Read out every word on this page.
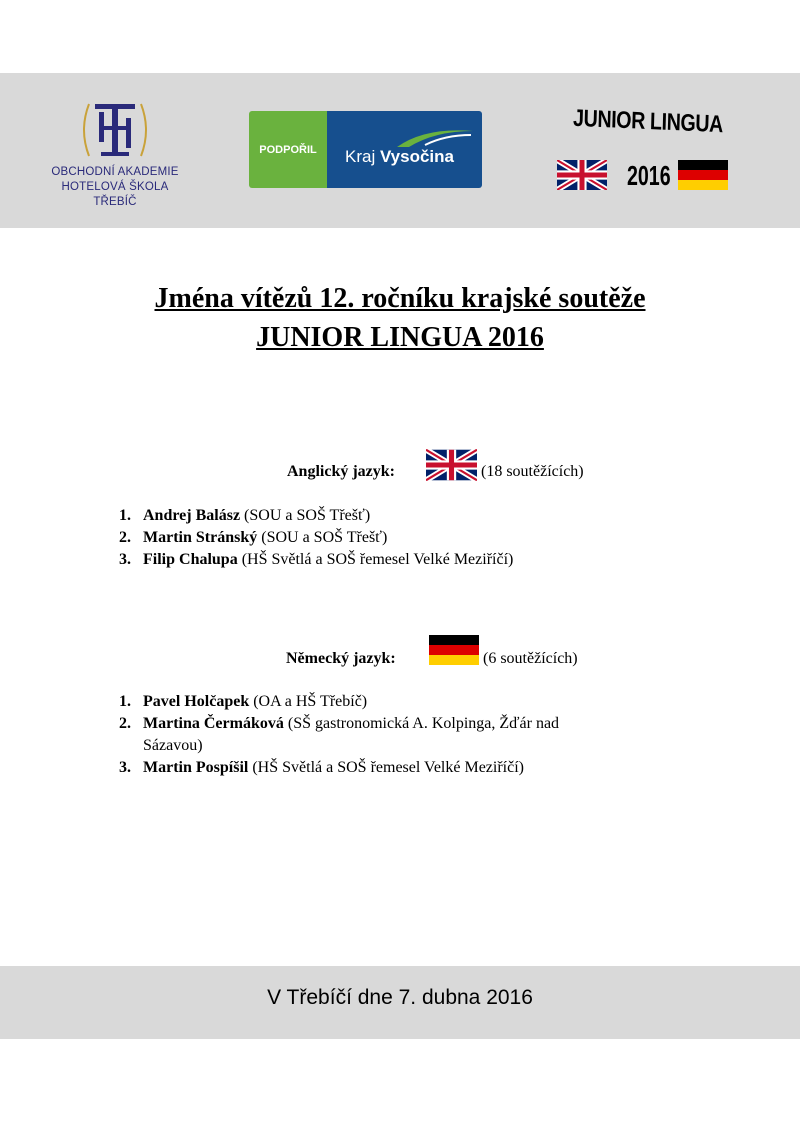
OBCHODNÍ AKADEMIE
HOTELOVÁ ŠKOLA
TŘEBÍČ
PODPOŘIL	Kraj Vysočina
JUNIOR LINGUA
2016
Jména vítězů 12. ročníku krajské soutěže
JUNIOR LINGUA 2016
Anglický jazyk:	(18 soutěžících)
1. Andrej Balász (SOU a SOŠ Třešť)
2. Martin Stránský (SOU a SOŠ Třešť)
3. Filip Chalupa (HŠ Světlá a SOŠ řemesel Velké Meziříčí)
Německý jazyk:	(6 soutěžících)
1. Pavel Holčapek (OA a HŠ Třebíč)
2. Martina Čermáková (SŠ gastronomická A. Kolpinga, Žďár nad
Sázavou)
3. Martin Pospíšil (HŠ Světlá a SOŠ řemesel Velké Meziříčí)
V Třebíčí dne 7. dubna 2016
